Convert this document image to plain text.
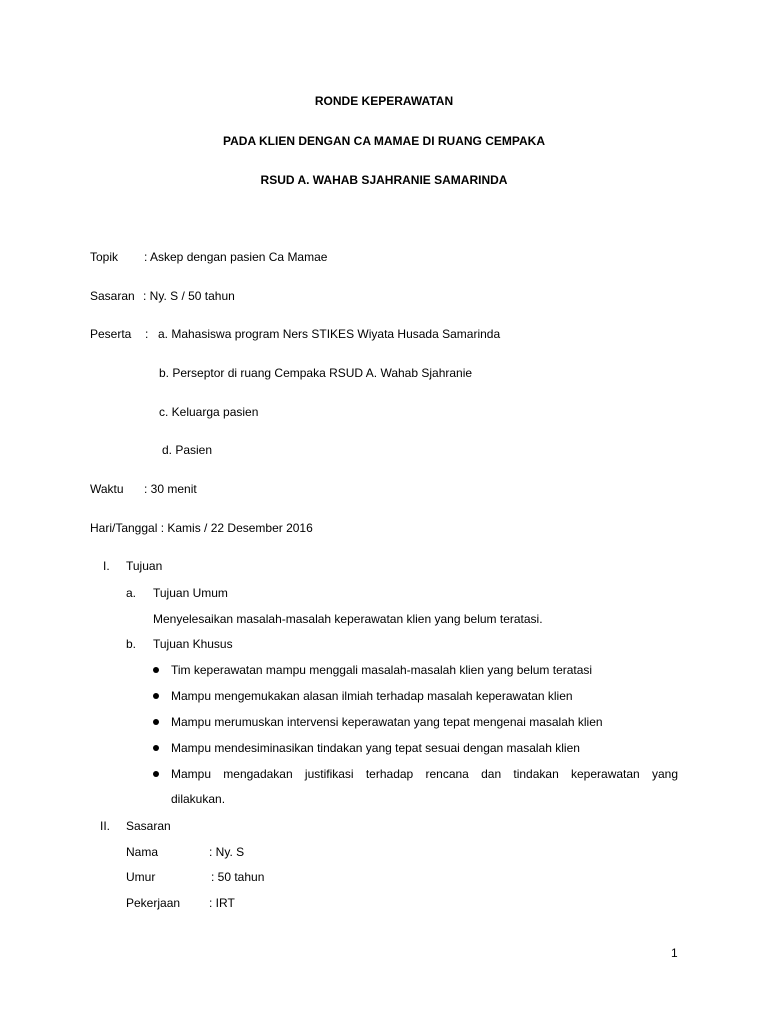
RONDE KEPERAWATAN
PADA KLIEN DENGAN CA MAMAE DI RUANG CEMPAKA
RSUD A. WAHAB SJAHRANIE SAMARINDA
Topik : Askep dengan pasien Ca Mamae
Sasaran : Ny. S / 50 tahun
Peserta : a. Mahasiswa program Ners STIKES Wiyata Husada Samarinda
b. Perseptor di ruang Cempaka RSUD A. Wahab Sjahranie
c. Keluarga pasien
d. Pasien
Waktu : 30 menit
Hari/Tanggal : Kamis / 22 Desember 2016
I. Tujuan
a. Tujuan Umum
Menyelesaikan masalah-masalah keperawatan klien yang belum teratasi.
b. Tujuan Khusus
Tim keperawatan mampu menggali masalah-masalah klien yang belum teratasi
Mampu mengemukakan alasan ilmiah terhadap masalah keperawatan klien
Mampu merumuskan intervensi keperawatan yang tepat mengenai masalah klien
Mampu mendesiminasikan tindakan yang tepat sesuai dengan masalah klien
Mampu mengadakan justifikasi terhadap rencana dan tindakan keperawatan yang
dilakukan.
II. Sasaran
Nama	: Ny. S
Umur	: 50 tahun
Pekerjaan : IRT
1
